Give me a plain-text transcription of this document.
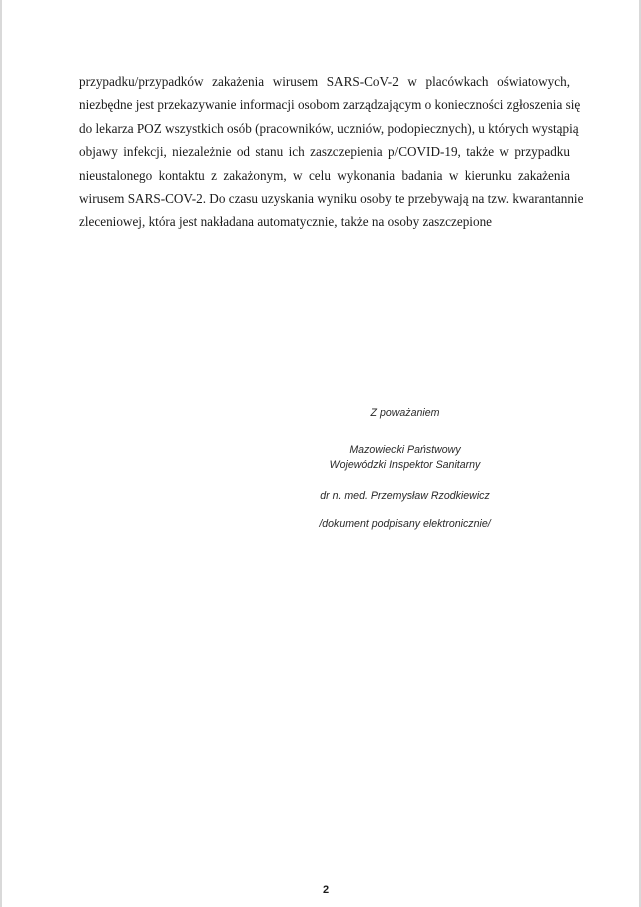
przypadku/przypadków zakażenia wirusem SARS-CoV-2 w placówkach oświatowych,
niezbędne jest przekazywanie informacji osobom zarządzającym o konieczności zgłoszenia się
do lekarza POZ wszystkich osób (pracowników, uczniów, podopiecznych), u których wystąpią
objawy infekcji, niezależnie od stanu ich zaszczepienia p/COVID-19, także w przypadku
nieustalonego kontaktu z zakażonym, w celu wykonania badania w kierunku zakażenia
wirusem SARS-COV-2. Do czasu uzyskania wyniku osoby te przebywają na tzw. kwarantannie
zleceniowej, która jest nakładana automatycznie, także na osoby zaszczepione
Z poważaniem
Mazowiecki Państwowy
Wojewódzki Inspektor Sanitarny
dr n. med. Przemysław Rzodkiewicz
/dokument podpisany elektronicznie/
2
